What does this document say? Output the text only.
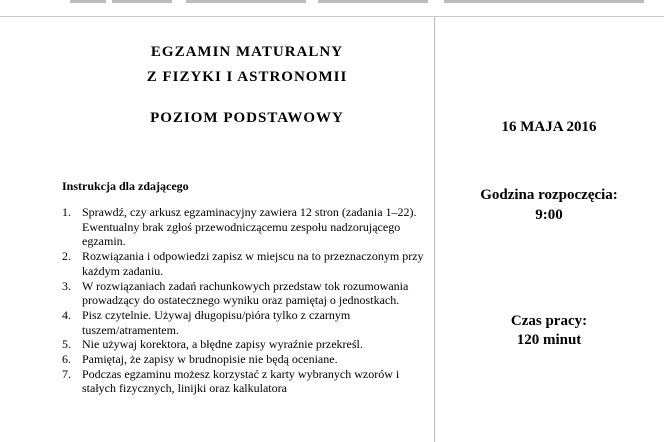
EGZAMIN MATURALNY
Z FIZYKI I ASTRONOMII
POZIOM PODSTAWOWY
16 MAJA 2016
Godzina rozpoczęcia:
9:00
Czas pracy:
120 minut
Instrukcja dla zdającego
1. Sprawdź, czy arkusz egzaminacyjny zawiera 12 stron (zadania 1–22). Ewentualny brak zgłoś przewodniczącemu zespołu nadzorującego egzamin.
2. Rozwiązania i odpowiedzi zapisz w miejscu na to przeznaczonym przy każdym zadaniu.
3. W rozwiązaniach zadań rachunkowych przedstaw tok rozumowania prowadzący do ostatecznego wyniku oraz pamiętaj o jednostkach.
4. Pisz czytelnie. Używaj długopisu/pióra tylko z czarnym tuszem/atramentem.
5. Nie używaj korektora, a błędne zapisy wyraźnie przekreśl.
6. Pamiętaj, że zapisy w brudnopisie nie będą oceniane.
7. Podczas egzaminu możesz korzystać z karty wybranych wzorów i stałych fizycznych, linijki oraz kalkulatora
